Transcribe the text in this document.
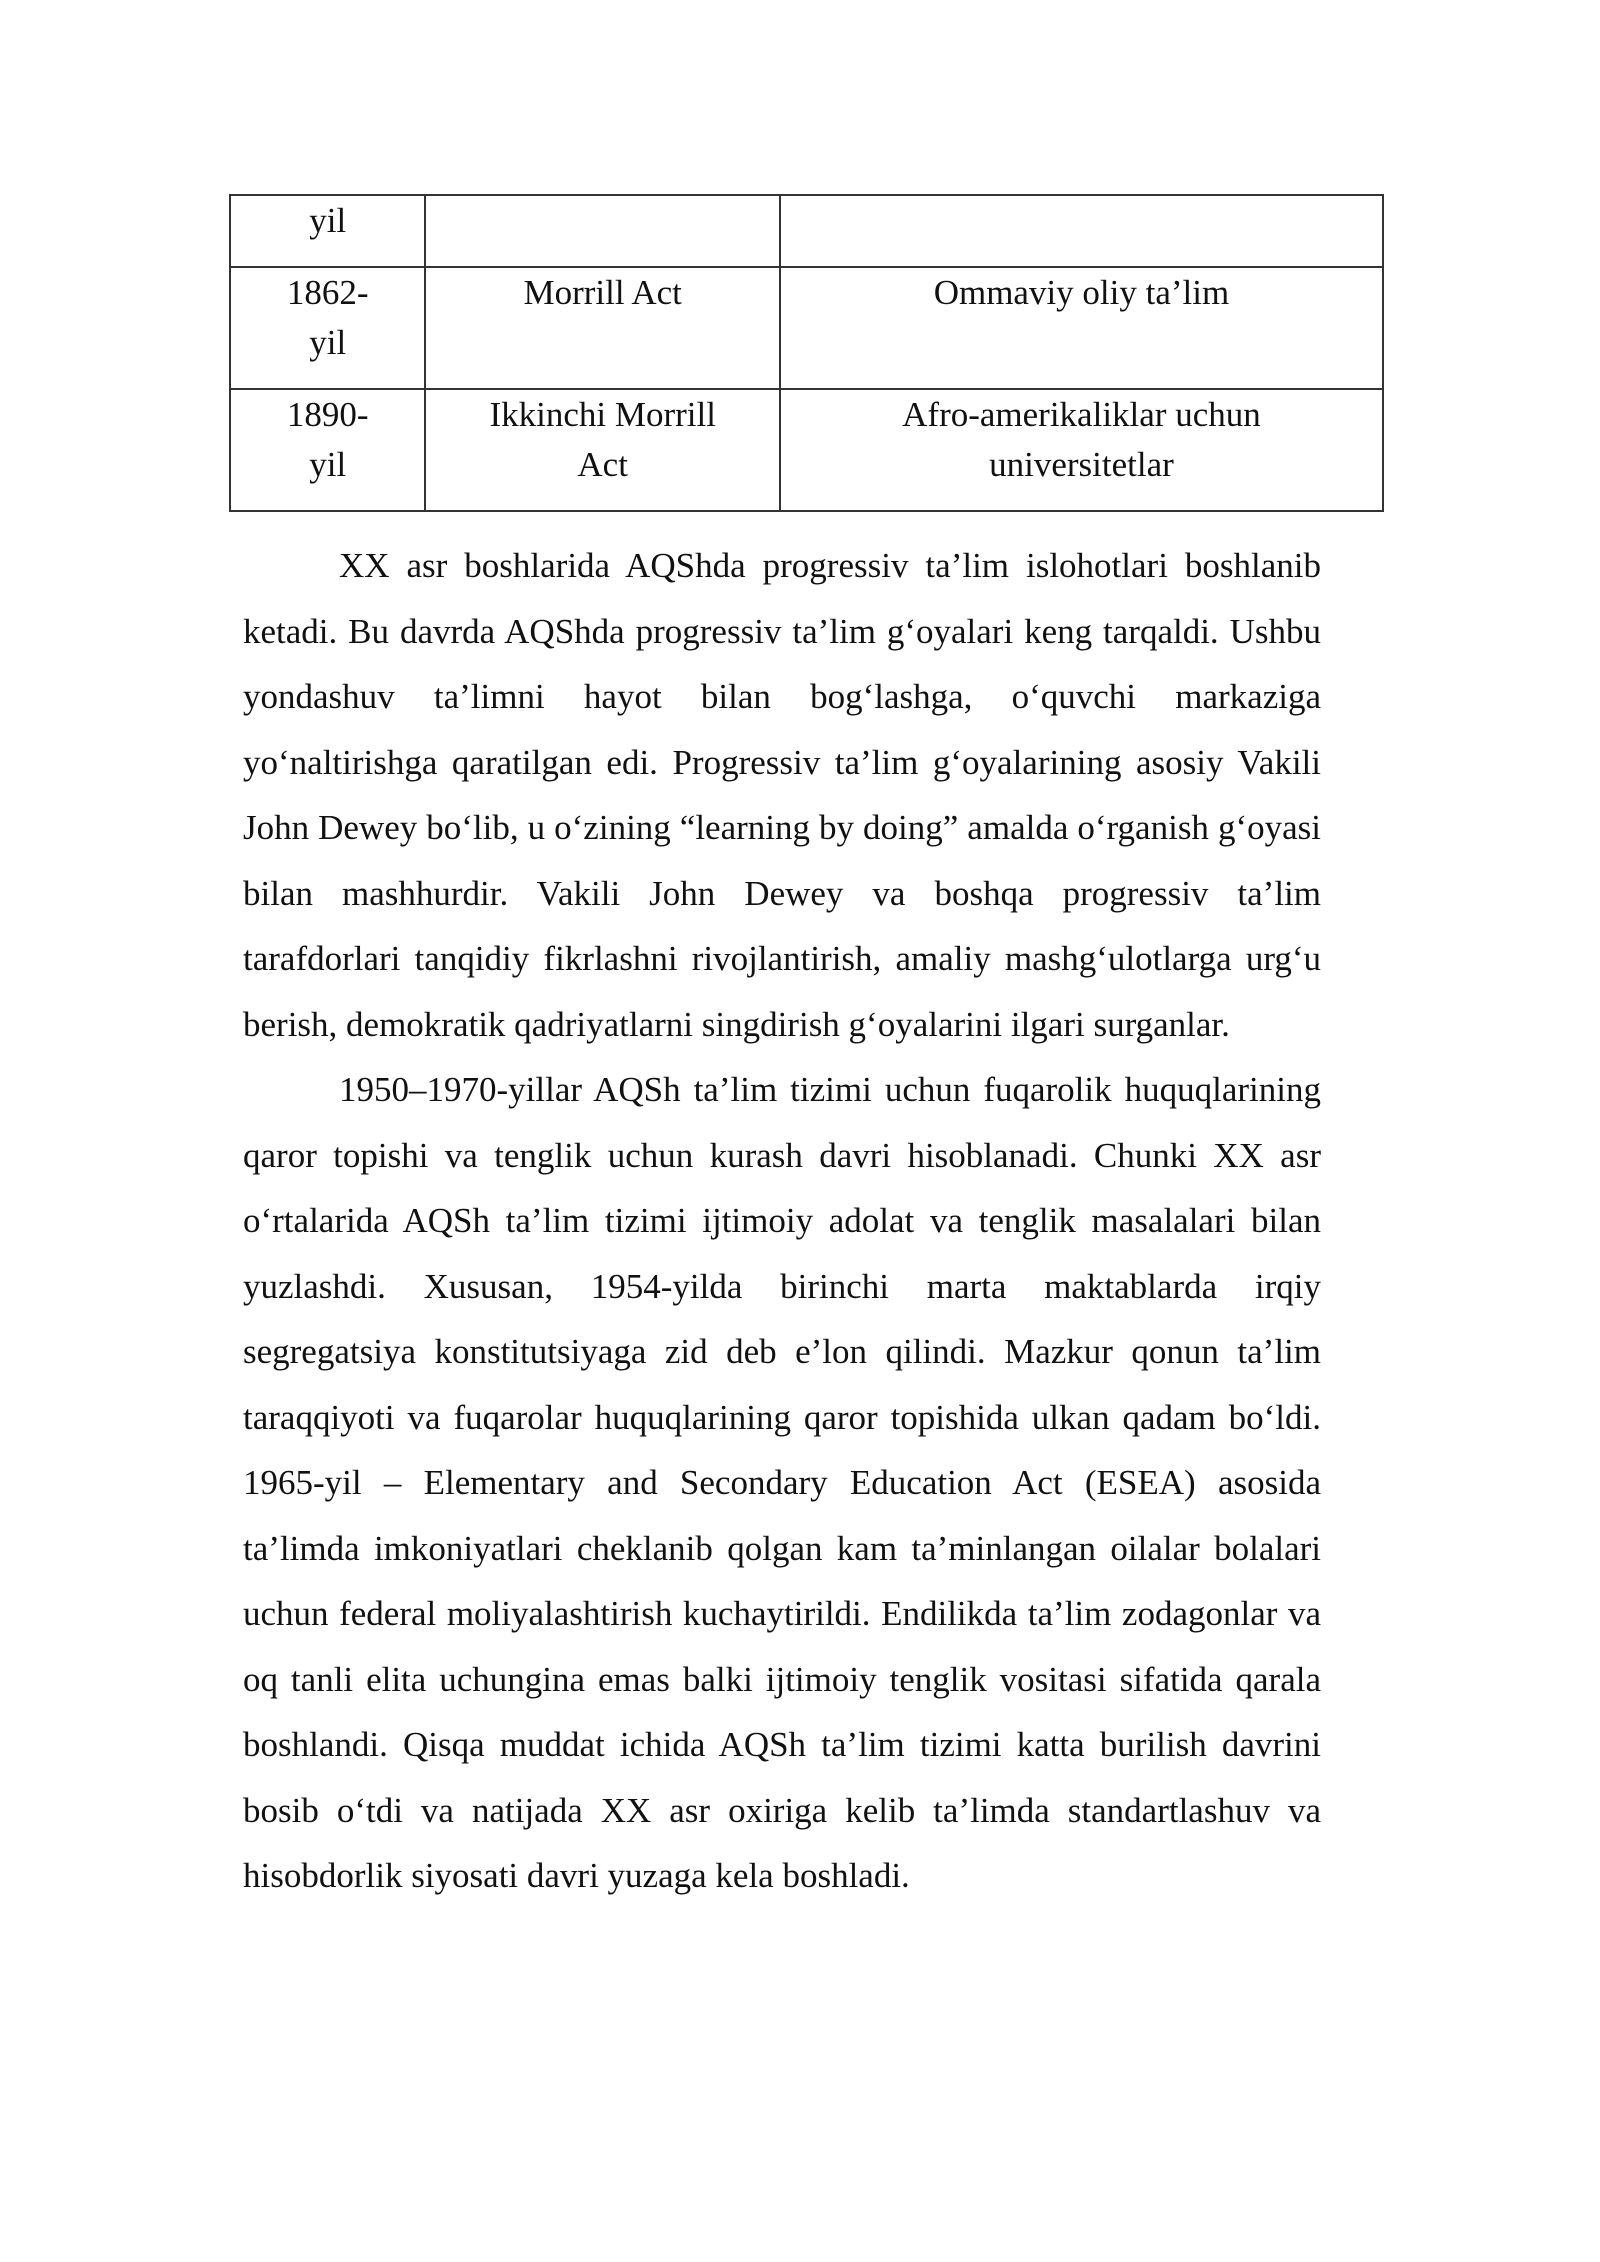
yil		

1862-yil	Morrill Act	Ommaviy oliy ta’lim

1890-yil	Ikkinchi Morrill Act	Afro-amerikaliklar uchun universitetlar

XX asr boshlarida AQShda progressiv ta’lim islohotlari boshlanib ketadi. Bu davrda AQShda progressiv ta’lim g‘oyalari keng tarqaldi. Ushbu yondashuv ta’limni hayot bilan bog‘lashga, o‘quvchi markaziga yo‘naltirishga qaratilgan edi. Progressiv ta’lim g‘oyalarining asosiy Vakili John Dewey bo‘lib, u o‘zining “learning by doing” amalda o‘rganish g‘oyasi bilan mashhurdir. Vakili John Dewey va boshqa progressiv ta’lim tarafdorlari tanqidiy fikrlashni rivojlantirish, amaliy mashg‘ulotlarga urg‘u berish, demokratik qadriyatlarni singdirish g‘oyalarini ilgari surganlar.

1950–1970-yillar AQSh ta’lim tizimi uchun fuqarolik huquqlarining qaror topishi va tenglik uchun kurash davri hisoblanadi. Chunki XX asr o‘rtalarida AQSh ta’lim tizimi ijtimoiy adolat va tenglik masalalari bilan yuzlashdi. Xususan, 1954-yilda birinchi marta maktablarda irqiy segregatsiya konstitutsiyaga zid deb e’lon qilindi. Mazkur qonun ta’lim taraqqiyoti va fuqarolar huquqlarining qaror topishida ulkan qadam bo‘ldi. 1965-yil – Elementary and Secondary Education Act (ESEA) asosida ta’limda imkoniyatlari cheklanib qolgan kam ta’minlangan oilalar bolalari uchun federal moliyalashtirish kuchaytirildi. Endilikda ta’lim zodagonlar va oq tanli elita uchungina emas balki ijtimoiy tenglik vositasi sifatida qarala boshlandi. Qisqa muddat ichida AQSh ta’lim tizimi katta burilish davrini bosib o‘tdi va natijada XX asr oxiriga kelib ta’limda standartlashuv va hisobdorlik siyosati davri yuzaga kela boshladi.
